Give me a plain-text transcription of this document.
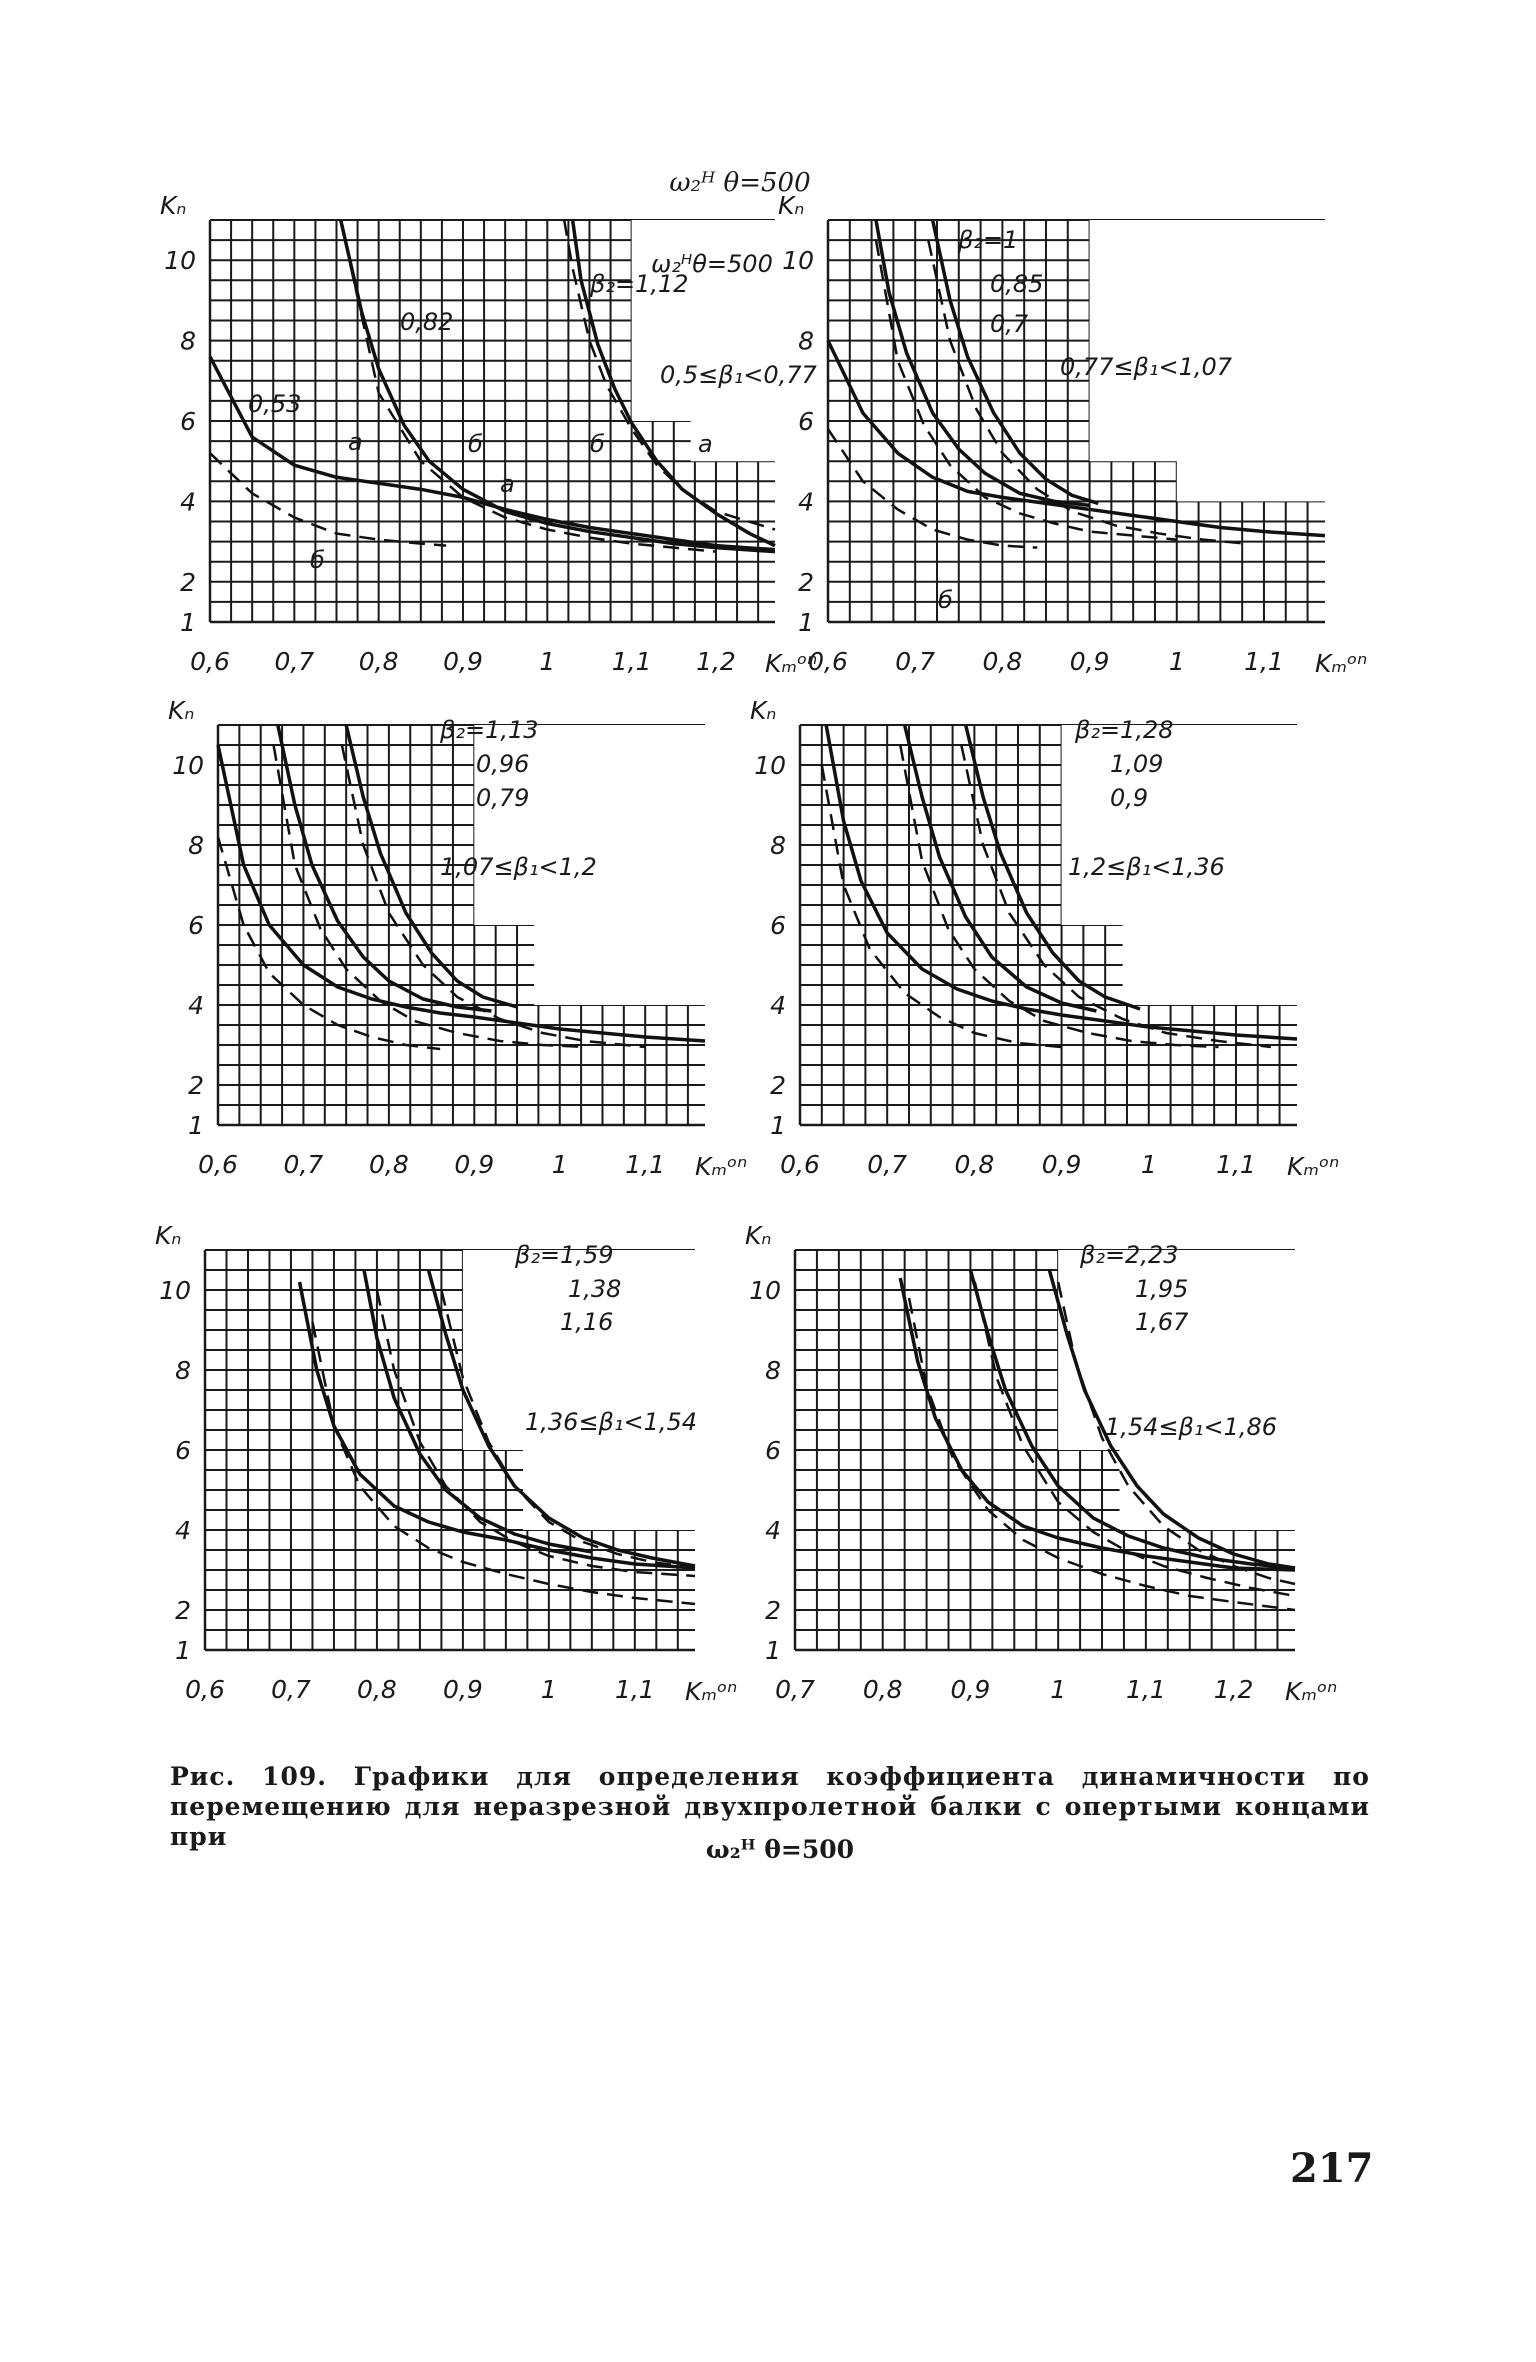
ω₂ᴴ θ=500
0,6 0,7 0,8 0,9 1 1,1 1,2
1
2
4
6
8
10
Kₙ
Kₘᵒⁿ
β₂=1,12
0,82
0,53
а	б
а
б	а
б
0,5≤β₁<0,77
ω₂ᴴθ=500
0,6 0,7 0,8 0,9 1 1,1
1
2
4
6
8
10
Kₙ
Kₘᵒⁿ
β₂=1
0,85
0,7
б
0,77≤β₁<1,07
0,6 0,7 0,8 0,9 1 1,1
1
2
4
6
8
10
Kₙ
Kₘᵒⁿ
β₂=1,13
0,96
0,79
1,07≤β₁<1,2
0,6 0,7 0,8 0,9 1 1,1
1
2
4
6
8
10
Kₙ
Kₘᵒⁿ
β₂=1,28
1,09
0,9
1,2≤β₁<1,36
0,6 0,7 0,8 0,9 1 1,1
1
2
4
6
8
10
Kₙ
Kₘᵒⁿ
β₂=1,59
1,38
1,16
1,36≤β₁<1,54
0,7 0,8 0,9 1 1,1 1,2
1
2
4
6
8
10
Kₙ
Kₘᵒⁿ
β₂=2,23
1,95
1,67
1,54≤β₁<1,86
Рис. 109. Графики для определения коэффициента динамичности по перемещению для неразрезной двухпролетной балки с опертыми концами при	ω₂ᴴ θ=500
217
